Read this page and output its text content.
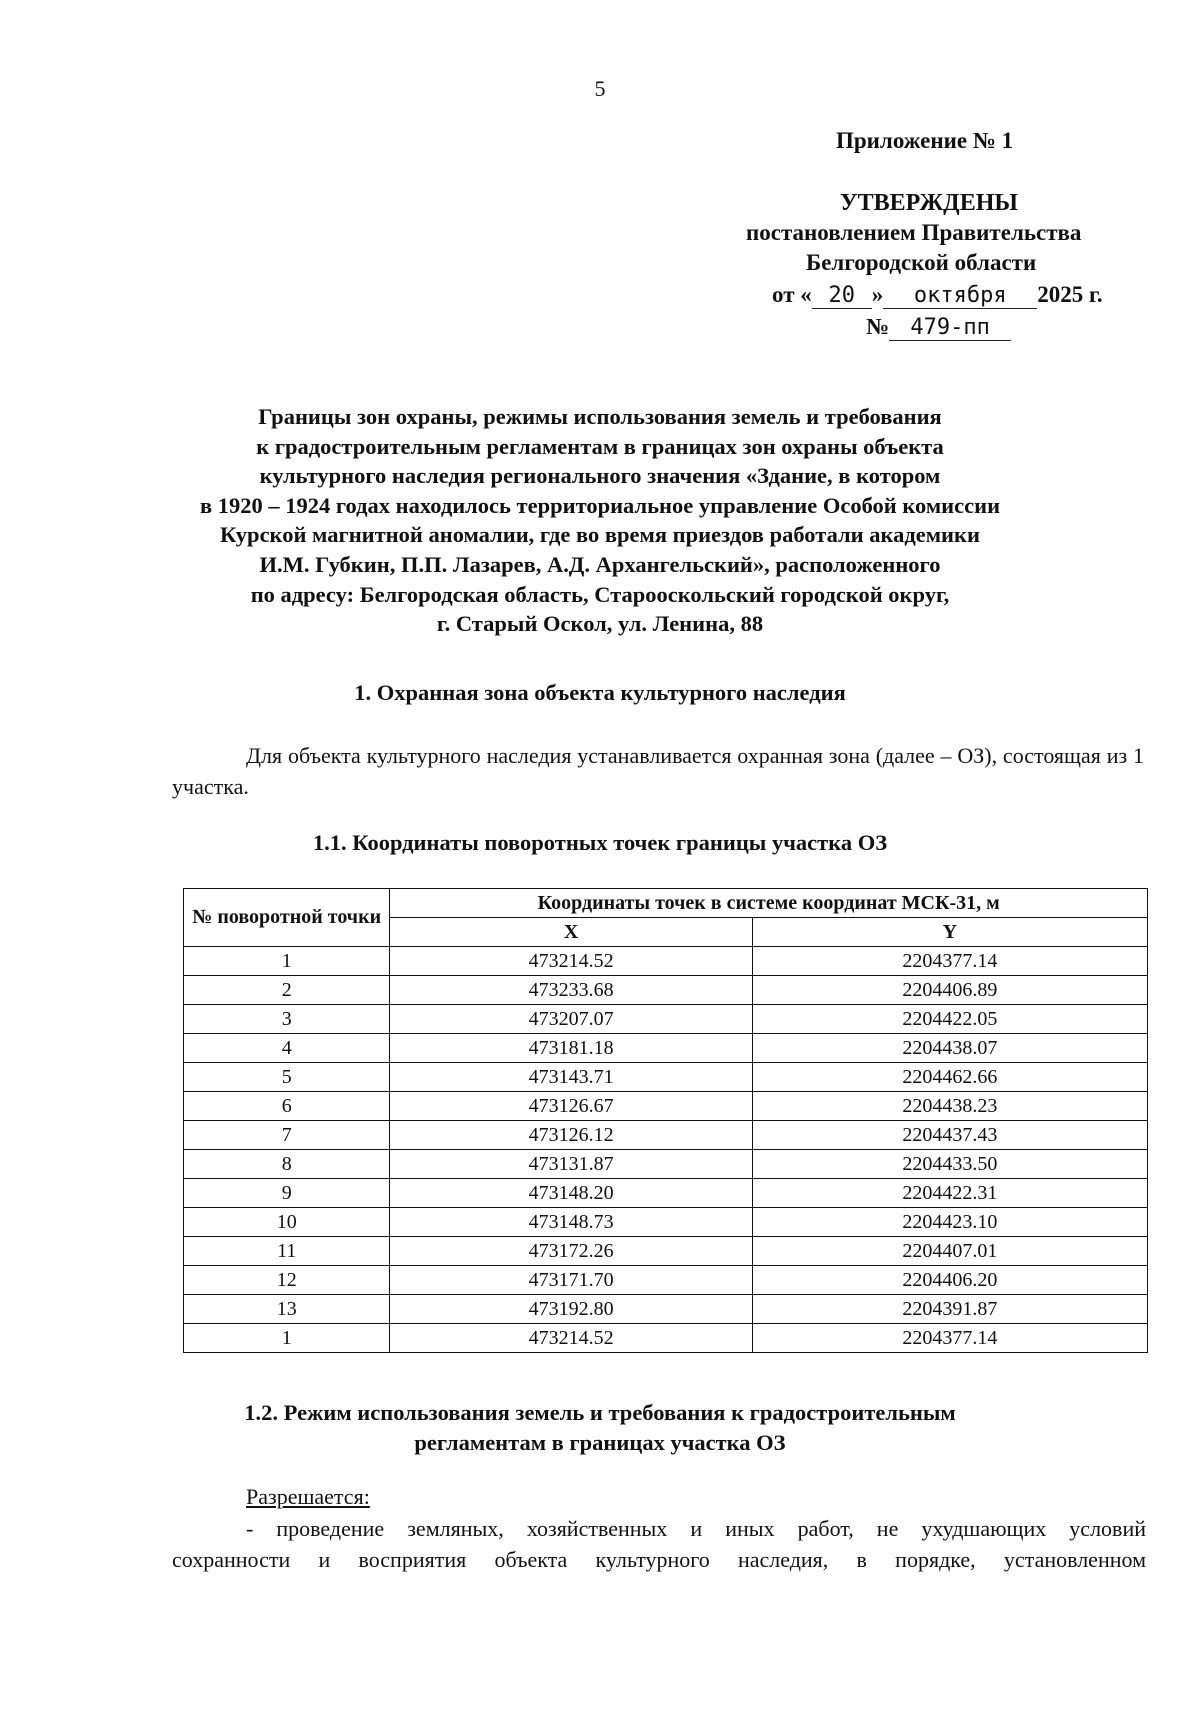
5
Приложение № 1
УТВЕРЖДЕНЫ
постановлением Правительства
Белгородской области
от « 20 » октября 2025 г.
№ 479-пп
Границы зон охраны, режимы использования земель и требования
к градостроительным регламентам в границах зон охраны объекта
культурного наследия регионального значения «Здание, в котором
в 1920 – 1924 годах находилось территориальное управление Особой комиссии
Курской магнитной аномалии, где во время приездов работали академики
И.М. Губкин, П.П. Лазарев, А.Д. Архангельский», расположенного
по адресу: Белгородская область, Старооскольский городской округ,
г. Старый Оскол, ул. Ленина, 88
1. Охранная зона объекта культурного наследия
Для объекта культурного наследия устанавливается охранная зона (далее – ОЗ), состоящая из 1 участка.
1.1. Координаты поворотных точек границы участка ОЗ
№ поворотной точки	Координаты точек в системе координат МСК-31, м	
	X	Y
1	473214.52	2204377.14
2	473233.68	2204406.89
3	473207.07	2204422.05
4	473181.18	2204438.07
5	473143.71	2204462.66
6	473126.67	2204438.23
7	473126.12	2204437.43
8	473131.87	2204433.50
9	473148.20	2204422.31
10	473148.73	2204423.10
11	473172.26	2204407.01
12	473171.70	2204406.20
13	473192.80	2204391.87
1	473214.52	2204377.14
1.2. Режим использования земель и требования к градостроительным
регламентам в границах участка ОЗ
Разрешается:
- проведение земляных, хозяйственных и иных работ, не ухудшающих условий
сохранности и восприятия объекта культурного наследия, в порядке, установленном
